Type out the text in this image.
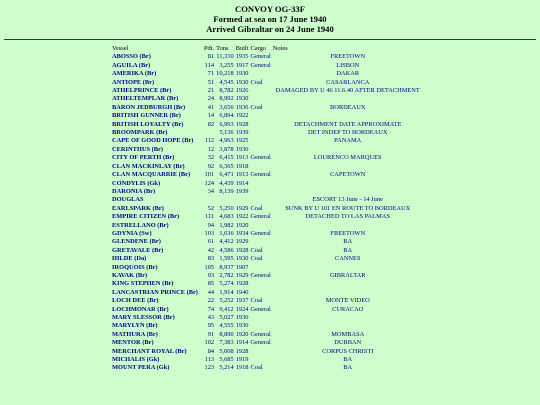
CONVOY OG-33F
Formed at sea on 17 June 1940
Arrived Gibraltar on 24 June 1940
Vessel	Pdt.	Tons	Built	Cargo	Notes
ABOSSO (Br)	81	11,330	1935	General	FREETOWN
AGUILA (Br)	114	3,255	1917	General	LISBON
AMERIKA (Br)	71	10,218	1930		DAKAR
ANTIOPE (Br)	51	4,545	1930	Coal	CASABLANCA
ATHELPRINCE (Br)	21	8,782	1926		DAMAGED BY U 46 11.6.40 AFTER DETACHMENT
ATHELTEMPLAR (Br)	24	8,992	1930		
BARON JEDBURGH (Br)	41	3,656	1936	Coal	BORDEAUX
BRITISH GUNNER (Br)	14	6,894	1922		
BRITISH LOYALTY (Br)	82	6,993	1928		DETACHMENT DATE APPROXIMATE
BROOMPARK (Br)		5,136	1939		DET INDEP TO BORDEAUX
CAPE OF GOOD HOPE (Br)	112	4,963	1925		PANAMA
CERINTHUS (Br)	12	3,878	1930		
CITY OF PERTH (Br)	32	6,415	1913	General	LOURENCO MARQUES
CLAN MACKINLAY (Br)	92	6,365	1918		
CLAN MACQUARRIE (Br)	101	6,471	1913	General	CAPETOWN
CONDYLIS (Gk)	124	4,439	1914		
DARONIA (Br)	34	8,139	1939		
DOUGLAS					ESCORT 13 June - 14 June
EARLSPARK (Br)	52	5,250	1929	Coal	SUNK BY U 101 EN ROUTE TO BORDEAUX
EMPIRE CITIZEN (Br)	111	4,683	1922	General	DETACHED TO LAS PALMAS
ESTRELLANO (Br)	94	1,982	1920		
GDYNIA (Sw)	103	1,636	1934	General	FREETOWN
GLENDENE (Br)	61	4,412	1929		BA
GRETAVALE (Br)	42	4,586	1928	Coal	BA
HILDE (Da)	83	1,595	1930	Coal	CANNES
IROQUOIS (Br)	105	8,937	1907		
KAVAK (Br)	93	2,782	1929	General	GIBRALTAR
KING STEPHEN (Br)	85	5,274	1928		
LANCASTRIAN PRINCE (Br)	44	1,914	1940		
LOCH DEE (Br)	22	5,252	1937	Coal	MONTE VIDEO
LOCHMONAR (Br)	74	9,412	1924	General	CURACAO
MARY SLESSOR (Br)	43	5,027	1930		
MARYLYN (Br)	95	4,555	1930		
MATHURA (Br)	91	8,890	1920	General	MOMBASA
MENTOR (Br)	102	7,383	1914	General	DURBAN
MERCHANT ROYAL (Br)	84	5,008	1928		CORPUS CHRISTI
MICHALIS (Gk)	113	5,685	1919		BA
MOUNT PERA (Gk)	123	5,214	1918	Coal	BA
